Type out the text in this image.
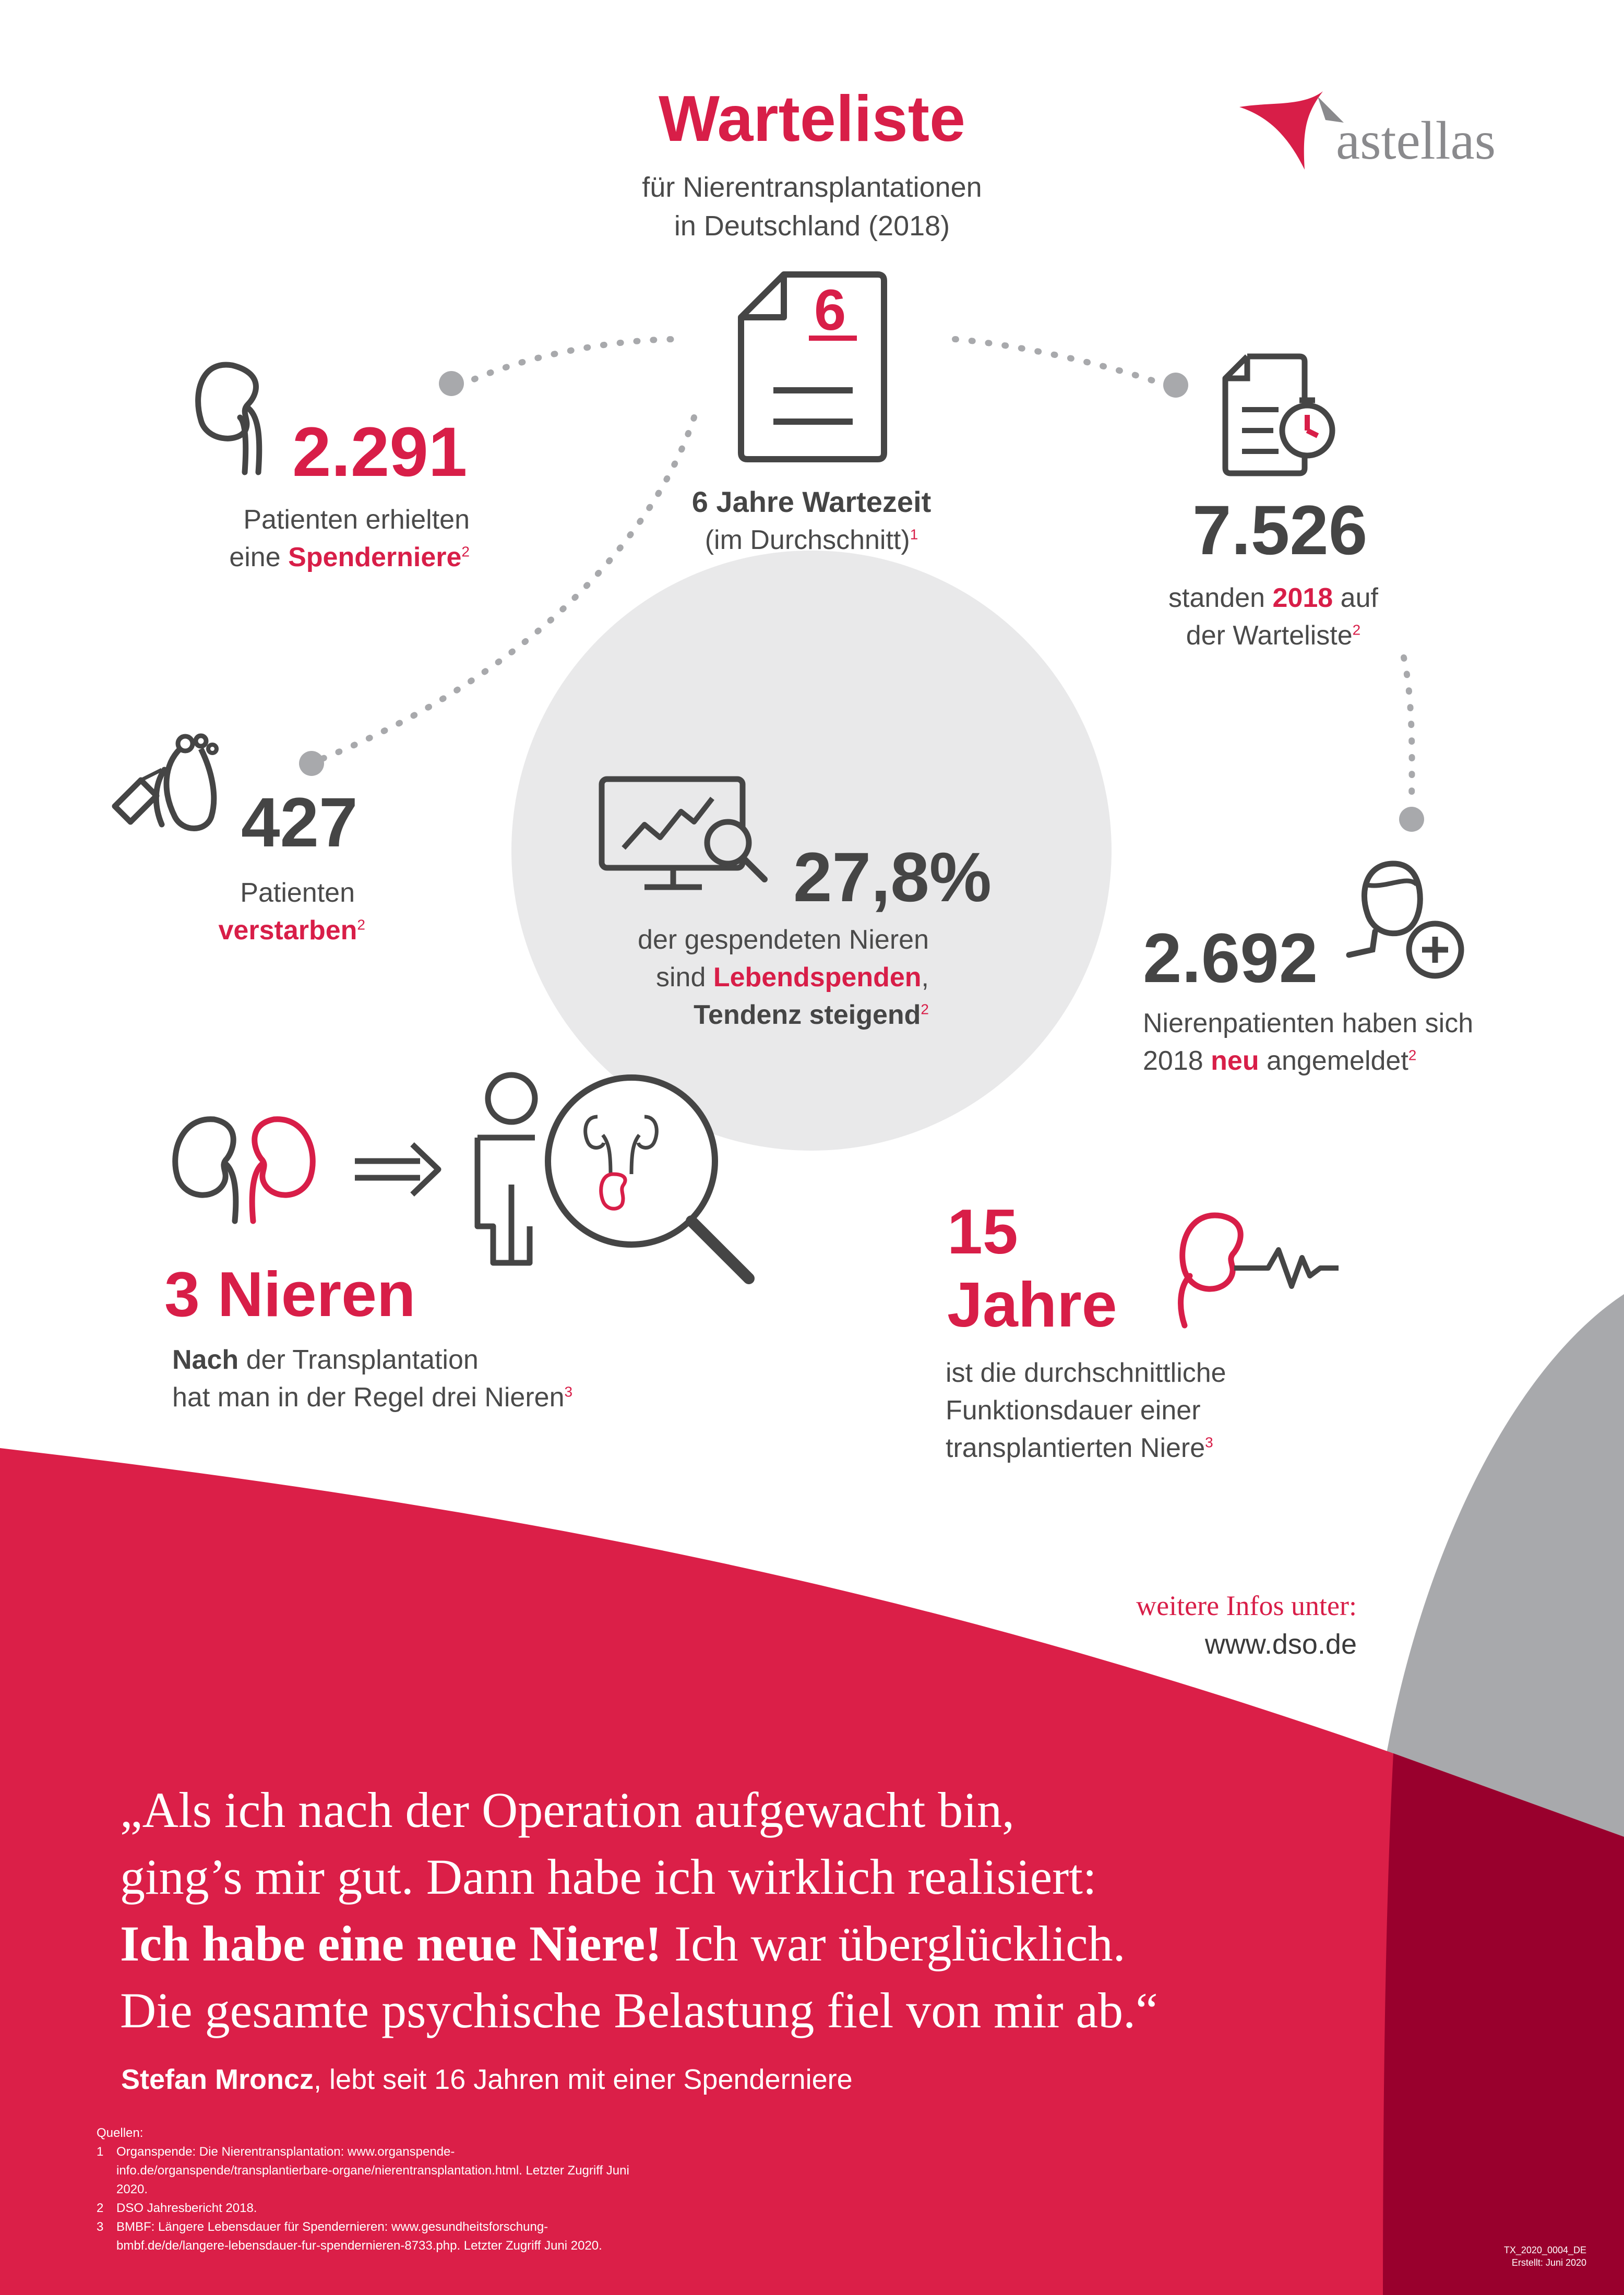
Warteliste
für Nierentransplantationen
in Deutschland (2018)
astellas
6
6 Jahre Wartezeit
(im Durchschnitt)$^1$
2.291
Patienten erhielten
eine Spenderniere$^2$	7.526
standen 2018 auf
der Warteliste$^2$
427
Patienten
verstarben$^2$
27,8%
der gespendeten Nieren
sind Lebendspenden,
Tendenz steigend$^2$
2.692
Nierenpatienten haben sich
2018 neu angemeldet$^2$
3 Nieren
Nach der Transplantation
hat man in der Regel drei Nieren$^3$
15
Jahre
ist die durchschnittliche
Funktionsdauer einer
transplantierten Niere$^3$
weitere Infos unter:
www.dso.de
„Als ich nach der Operation aufgewacht bin,
ging’s mir gut. Dann habe ich wirklich realisiert:
Ich habe eine neue Niere! Ich war überglücklich.
Die gesamte psychische Belastung fiel von mir ab.“
Stefan Mroncz, lebt seit 16 Jahren mit einer Spenderniere
Quellen:
1 Organspende: Die Nierentransplantation: www.organspende-
info.de/organspende/transplantierbare-organe/nierentransplantation.html. Letzter Zugriff Juni
2020.
2 DSO Jahresbericht 2018.
3 BMBF: Längere Lebensdauer für Spendernieren: www.gesundheitsforschung-
bmbf.de/de/langere-lebensdauer-fur-spendernieren-8733.php. Letzter Zugriff Juni 2020.	TX_2020_0004_DE
Erstellt: Juni 2020
